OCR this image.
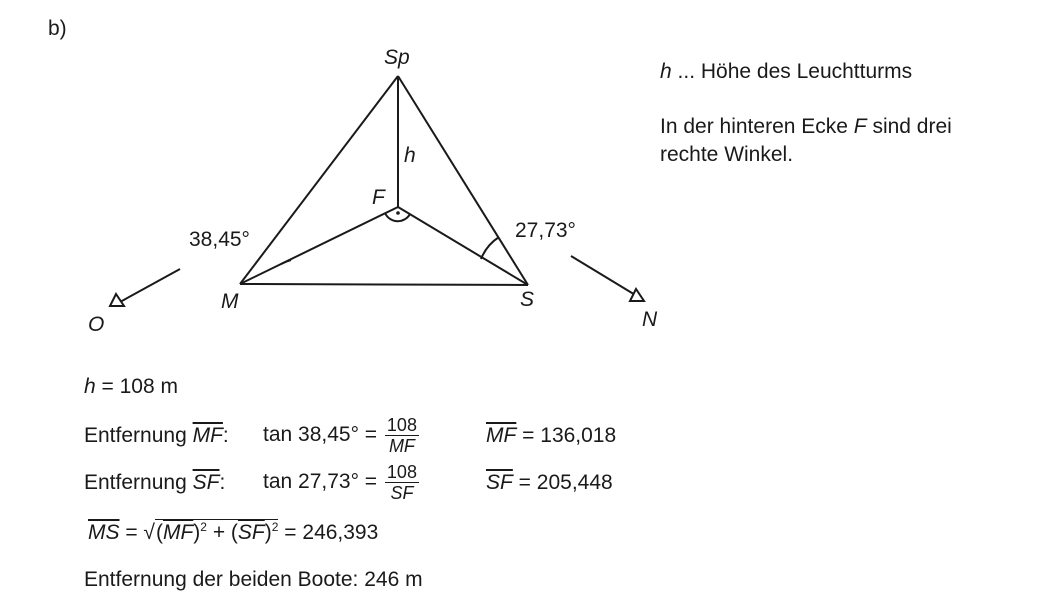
b)
Sp
F
M	S
h
38,45°	27,73°
O	N
h ... Höhe des Leuchtturms
In der hinteren Ecke F sind drei
rechte Winkel.
h = 108 m
Entfernung $\overline{MF}$: $\tan 38,45^\circ = \frac{108}{MF}$	$\overline{MF} = 136,018$
Entfernung $\overline{SF}$: $\tan 27,73^\circ = \frac{108}{SF}$	$\overline{SF} = 205,448$
$\overline{MS} = √(\overline{MF})^2 + (\overline{SF})^2 = 246,393$
Entfernung der beiden Boote: 246 m
